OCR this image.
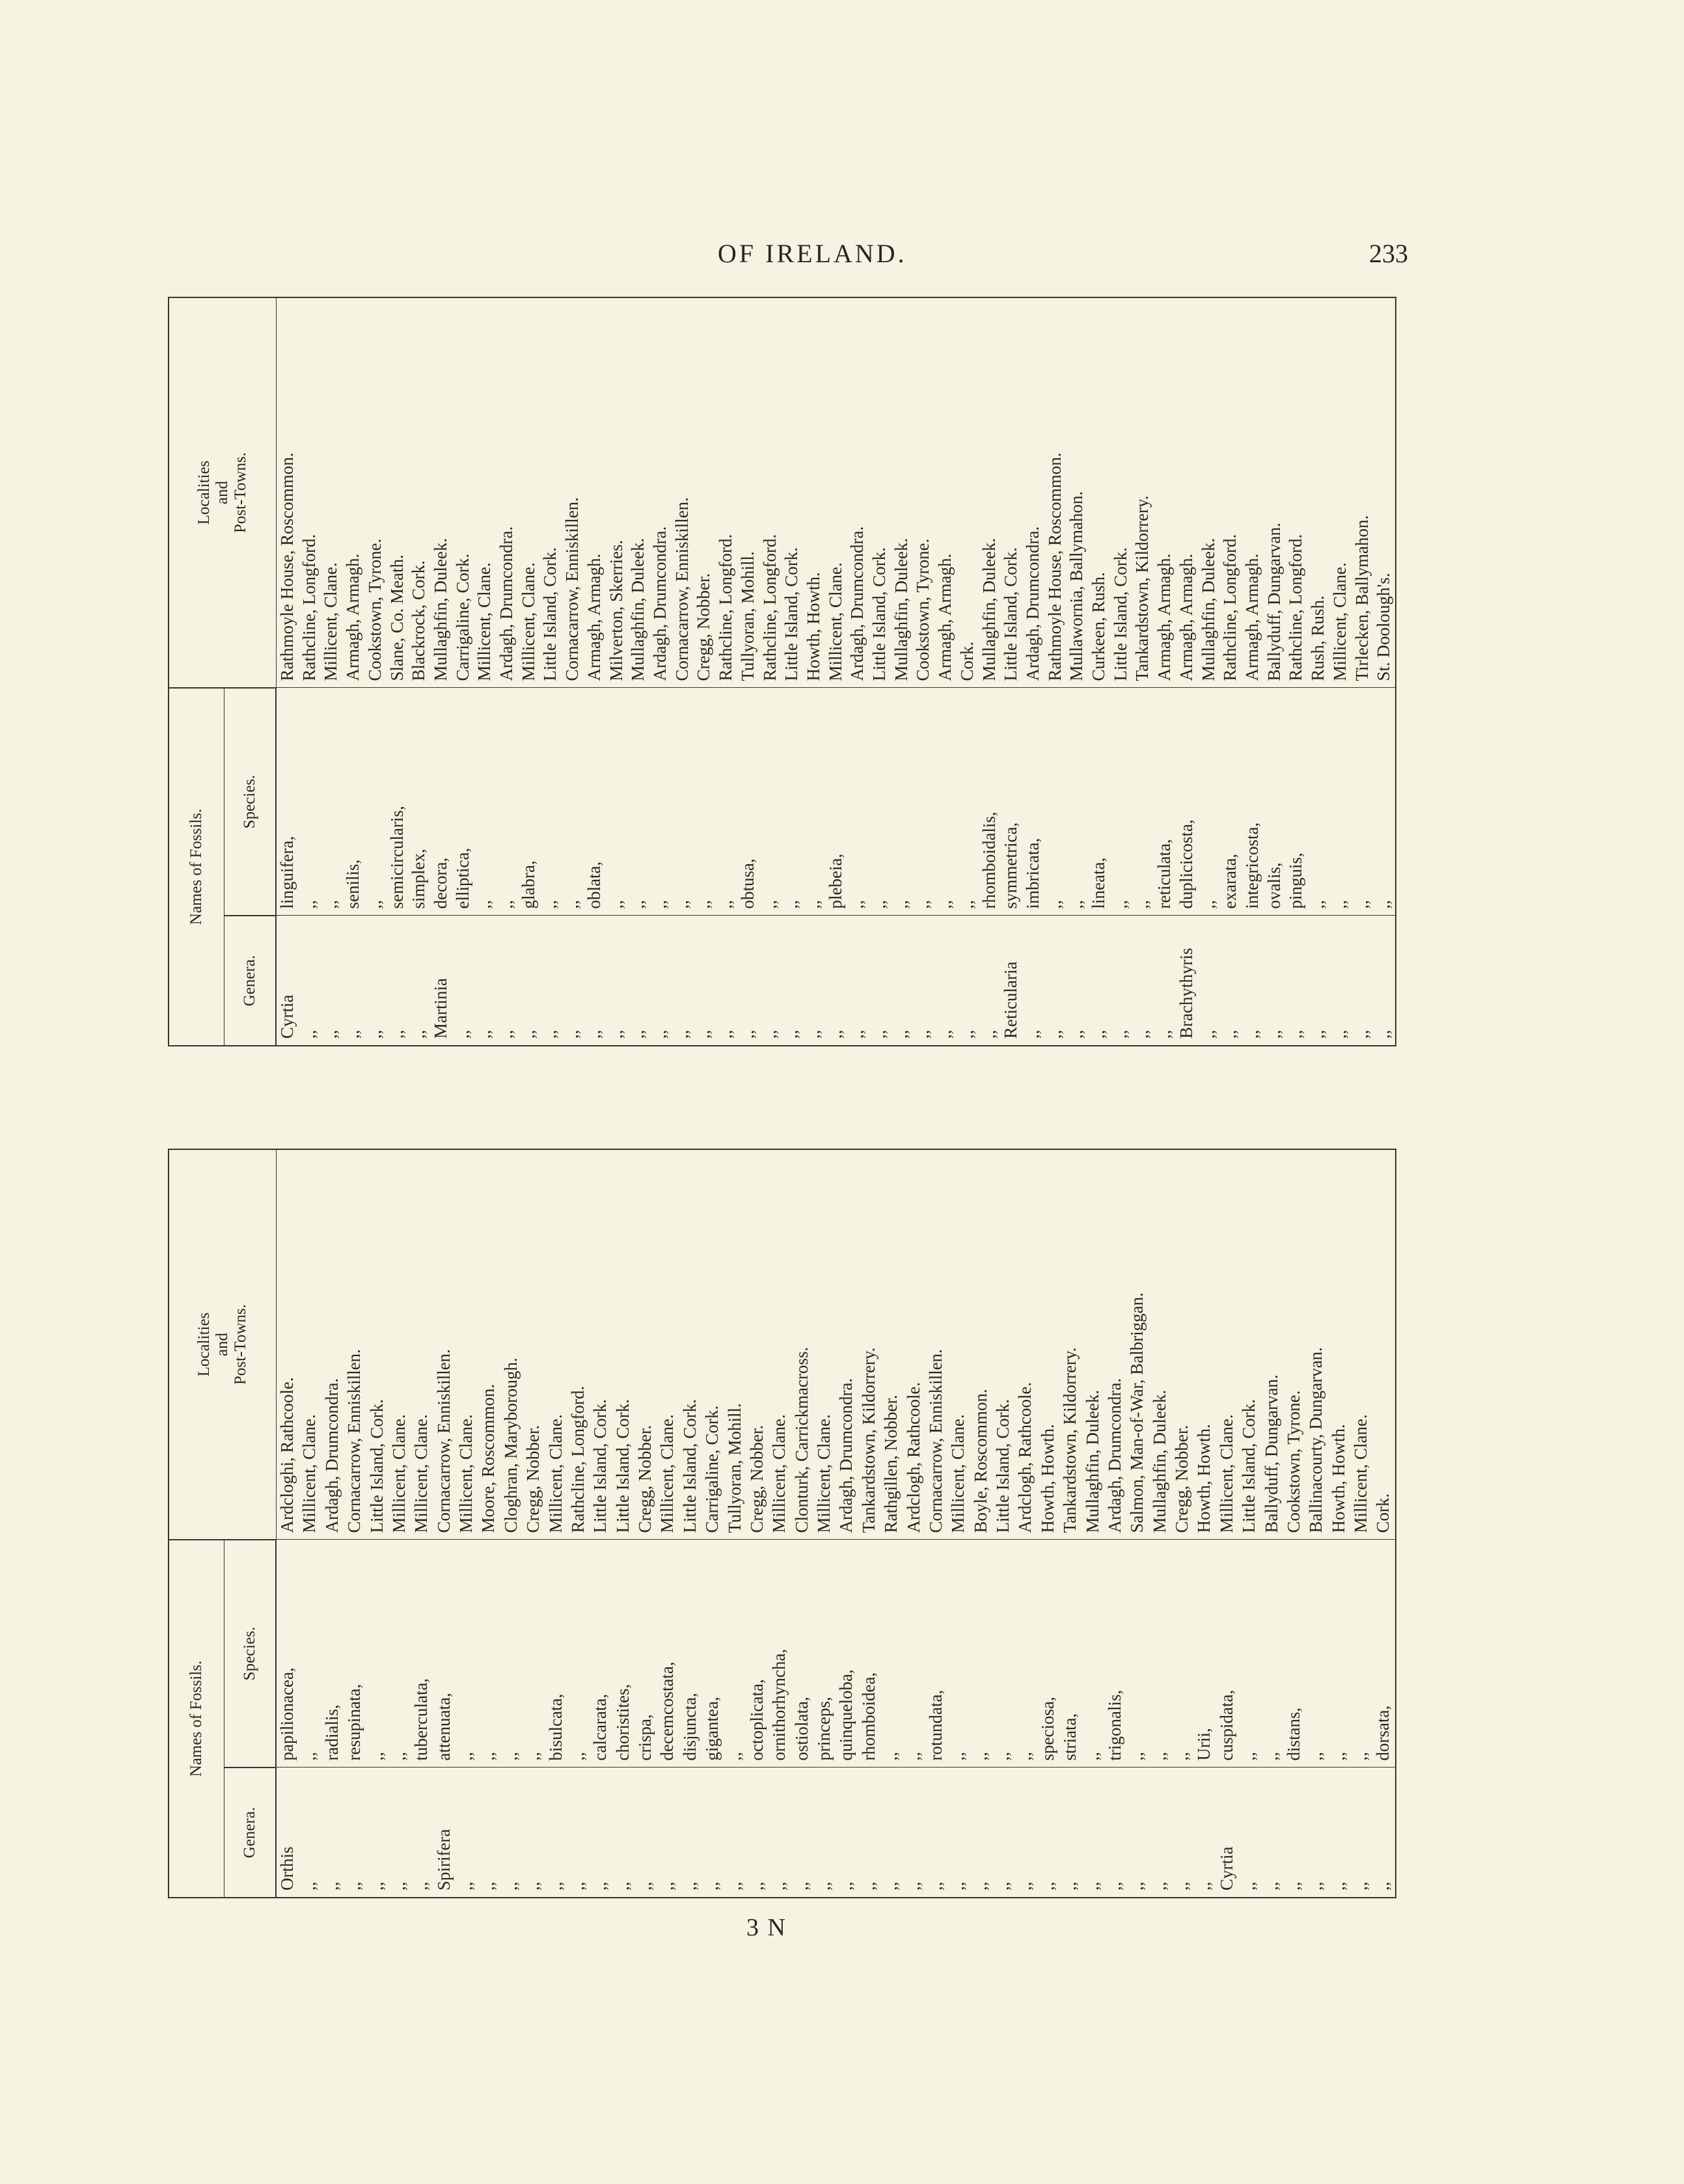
OF IRELAND.	233
Names of Fossils.		Localities
and
Post-Towns.
Genera.	Species.	
Cyrtia	linguifera,	Rathmoyle House, Roscommon.
,,	,,	Rathcline, Longford.
,,	,,	Millicent, Clane.
,,	senilis,	Armagh, Armagh.
,,	,,	Cookstown, Tyrone.
,,	semicircularis,	Slane, Co. Meath.
,,	simplex,	Blackrock, Cork.
Martinia	decora,	Mullaghfin, Duleek.
,,	elliptica,	Carrigaline, Cork.
,,	,,	Millicent, Clane.
,,	,,	Ardagh, Drumcondra.
,,	glabra,	Millicent, Clane.
,,	,,	Little Island, Cork.
,,	,,	Cornacarrow, Enniskillen.
,,	oblata,	Armagh, Armagh.
,,	,,	Milverton, Skerries.
,,	,,	Mullaghfin, Duleek.
,,	,,	Ardagh, Drumcondra.
,,	,,	Cornacarrow, Enniskillen.
,,	,,	Cregg, Nobber.
,,	,,	Rathcline, Longford.
,,	obtusa,	Tullyoran, Mohill.
,,	,,	Rathcline, Longford.
,,	,,	Little Island, Cork.
,,	,,	Howth, Howth.
,,	plebeia,	Millicent, Clane.
,,	,,	Ardagh, Drumcondra.
,,	,,	Little Island, Cork.
,,	,,	Mullaghfin, Duleek.
,,	,,	Cookstown, Tyrone.
,,	,,	Armagh, Armagh.
,,	,,	Cork.
,,	rhomboidalis,	Mullaghfin, Duleek.
Reticularia	symmetrica,	Little Island, Cork.
,,	imbricata,	Ardagh, Drumcondra.
,,	,,	Rathmoyle House, Roscommon.
,,	,,	Mullawornia, Ballymahon.
,,	lineata,	Curkeen, Rush.
,,	,,	Little Island, Cork.
,,	,,	Tankardstown, Kildorrery.
,,	reticulata,	Armagh, Armagh.
Brachythyris	duplicicosta,	Armagh, Armagh.
,,	,,	Mullaghfin, Duleek.
,,	exarata,	Rathcline, Longford.
,,	integricosta,	Armagh, Armagh.
,,	ovalis,	Ballyduff, Dungarvan.
,,	pinguis,	Rathcline, Longford.
,,	,,	Rush, Rush.
,,	,,	Millicent, Clane.
,,	,,	Tirlecken, Ballymahon.
,,	,,	St. Doolough's.

Names of Fossils.		Localities
and
Post-Towns.
Genera.	Species.	
Orthis	papilionacea,	Ardcloghi, Rathcoole.
,,	,,	Millicent, Clane.
,,	radialis,	Ardagh, Drumcondra.
,,	resupinata,	Cornacarrow, Enniskillen.
,,	,,	Little Island, Cork.
,,	,,	Millicent, Clane.
,,	tuberculata,	Millicent, Clane.
Spirifera	attenuata,	Cornacarrow, Enniskillen.
,,	,,	Millicent, Clane.
,,	,,	Moore, Roscommon.
,,	,,	Cloghran, Maryborough.
,,	,,	Cregg, Nobber.
,,	bisulcata,	Millicent, Clane.
,,	,,	Rathcline, Longford.
,,	calcarata,	Little Island, Cork.
,,	choristites,	Little Island, Cork.
,,	crispa,	Cregg, Nobber.
,,	decemcostata,	Millicent, Clane.
,,	disjuncta,	Little Island, Cork.
,,	gigantea,	Carrigaline, Cork.
,,	,,	Tullyoran, Mohill.
,,	octoplicata,	Cregg, Nobber.
,,	ornithorhyncha,	Millicent, Clane.
,,	ostiolata,	Clonturk, Carrickmacross.
,,	princeps,	Millicent, Clane.
,,	quinqueloba,	Ardagh, Drumcondra.
,,	rhomboidea,	Tankardstown, Kildorrery.
,,	,,	Rathgillen, Nobber.
,,	,,	Ardclogh, Rathcoole.
,,	rotundata,	Cornacarrow, Enniskillen.
,,	,,	Millicent, Clane.
,,	,,	Boyle, Roscommon.
,,	,,	Little Island, Cork.
,,	,,	Ardclogh, Rathcoole.
,,	speciosa,	Howth, Howth.
,,	striata,	Tankardstown, Kildorrery.
,,	,,	Mullaghfin, Duleek.
,,	trigonalis,	Ardagh, Drumcondra.
,,	,,	Salmon, Man-of-War, Balbriggan.
,,	,,	Mullaghfin, Duleek.
,,	,,	Cregg, Nobber.
,,	Urii,	Howth, Howth.
Cyrtia	cuspidata,	Millicent, Clane.
,,	,,	Little Island, Cork.
,,	,,	Ballyduff, Dungarvan.
,,	distans,	Cookstown, Tyrone.
,,	,,	Ballinacourty, Dungarvan.
,,	,,	Howth, Howth.
,,	,,	Millicent, Clane.
,,	dorsata,	Cork.

3 N
